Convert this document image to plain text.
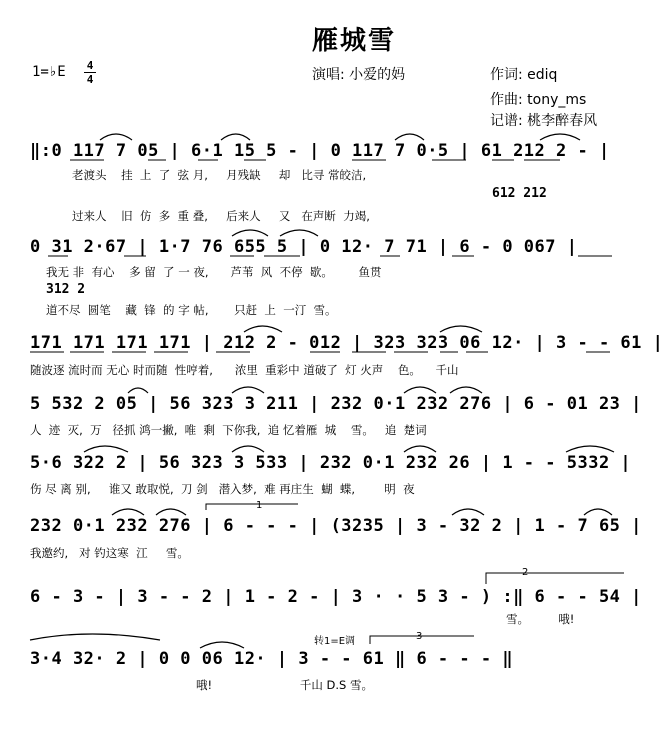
雁城雪
1=♭E 4
4	演唱: 小爱的妈	作词: ediq
作曲: tony_ms
记谱: 桃李醉春风
‖:0 117 7 05 | 6·1 15 5 - | 0 117 7 0·5 | 61 212 2 - |
老渡头    挂  上  了  弦 月,     月残缺     却   比寻 常皎洁,
612 212
过来人    旧  仿  多  重 叠,     后来人     又   在声断  力竭,
0 31 2·67 | 1·7 76 655 5 | 0 12· 7 71 | 6 - 0 067 |
我无 非  有心    多 留  了 一 夜,      芦苇  风  不停  歇。       鱼贯
312 2
道不尽  圆笔    藏  锋  的 字 帖,       只赶  上  一汀  雪。
171 171 171 171 | 212 2 - 012 | 323 323 06 12· | 3 - - 61 |
随波逐 流时而 无心 时而随  性哼着,      浓里  重彩中 道破了  灯 火声    色。    千山
5 532 2 05 | 56 323 3 211 | 232 0·1 232 276 | 6 - 01 23 |
人  迹  灭,  万   径抓 鸿一撇,  唯  剩  下你我,  追 忆着雁  城    雪。   追  楚词
5·6 322 2 | 56 323 3 533 | 232 0·1 232 26 | 1 - - 5332 |
伤 尽 离 别,     谁又 敢取悦,  刀 剑   潜入梦,  难 再庄生  蝴  蝶,        明  夜
232 0·1 232 276 | 6 - - - | (3235 | 3 - 32 2 | 1 - 7 65 |
我邀约,   对 钓这寒  江     雪。
6 - 3 - | 3 - - 2 | 1 - 2 - | 3 · · 5 3 - ) :‖ 6 - - 54 |
雪。        哦!
转1=E调
3·4 32· 2 | 0 0 06 12· | 3 - - 61 ‖ 6 - - - ‖
哦!                        千山 D.S 雪。
1
2
3
